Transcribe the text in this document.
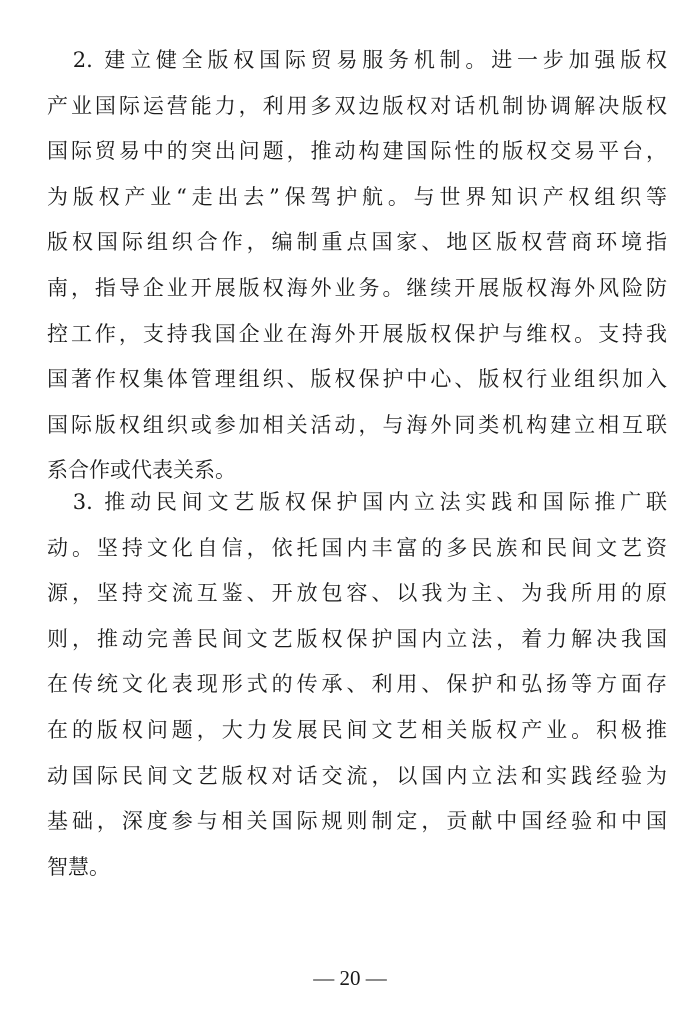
　2. 建立健全版权国际贸易服务机制。进一步加强版权
产业国际运营能力，利用多双边版权对话机制协调解决版权
国际贸易中的突出问题，推动构建国际性的版权交易平台，
为版权产业“走出去”保驾护航。与世界知识产权组织等
版权国际组织合作，编制重点国家、地区版权营商环境指
南，指导企业开展版权海外业务。继续开展版权海外风险防
控工作，支持我国企业在海外开展版权保护与维权。支持我
国著作权集体管理组织、版权保护中心、版权行业组织加入
国际版权组织或参加相关活动，与海外同类机构建立相互联
系合作或代表关系。
　3. 推动民间文艺版权保护国内立法实践和国际推广联
动。坚持文化自信，依托国内丰富的多民族和民间文艺资
源，坚持交流互鉴、开放包容、以我为主、为我所用的原
则，推动完善民间文艺版权保护国内立法，着力解决我国
在传统文化表现形式的传承、利用、保护和弘扬等方面存
在的版权问题，大力发展民间文艺相关版权产业。积极推
动国际民间文艺版权对话交流，以国内立法和实践经验为
基础，深度参与相关国际规则制定，贡献中国经验和中国
智慧。
— 20 —
